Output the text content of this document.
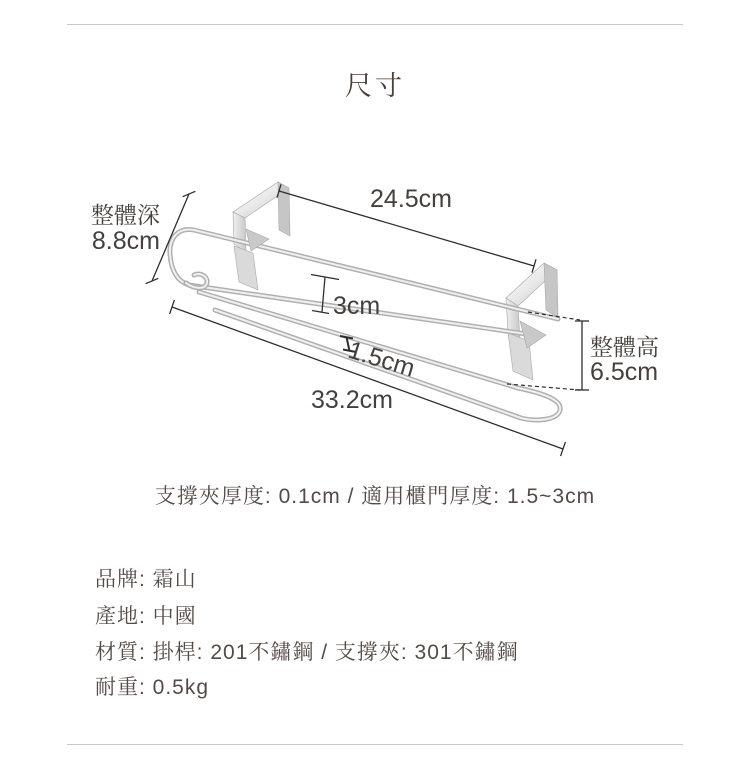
尺寸
24.5cm
整體深
8.8cm
3cm
1.5cm
33.2cm
整體高
6.5cm
支撐夾厚度: 0.1cm / 適用櫃門厚度: 1.5~3cm
品牌: 霜山
產地: 中國
材質: 掛桿: 201不鏽鋼 / 支撐夾: 301不鏽鋼
耐重: 0.5kg
